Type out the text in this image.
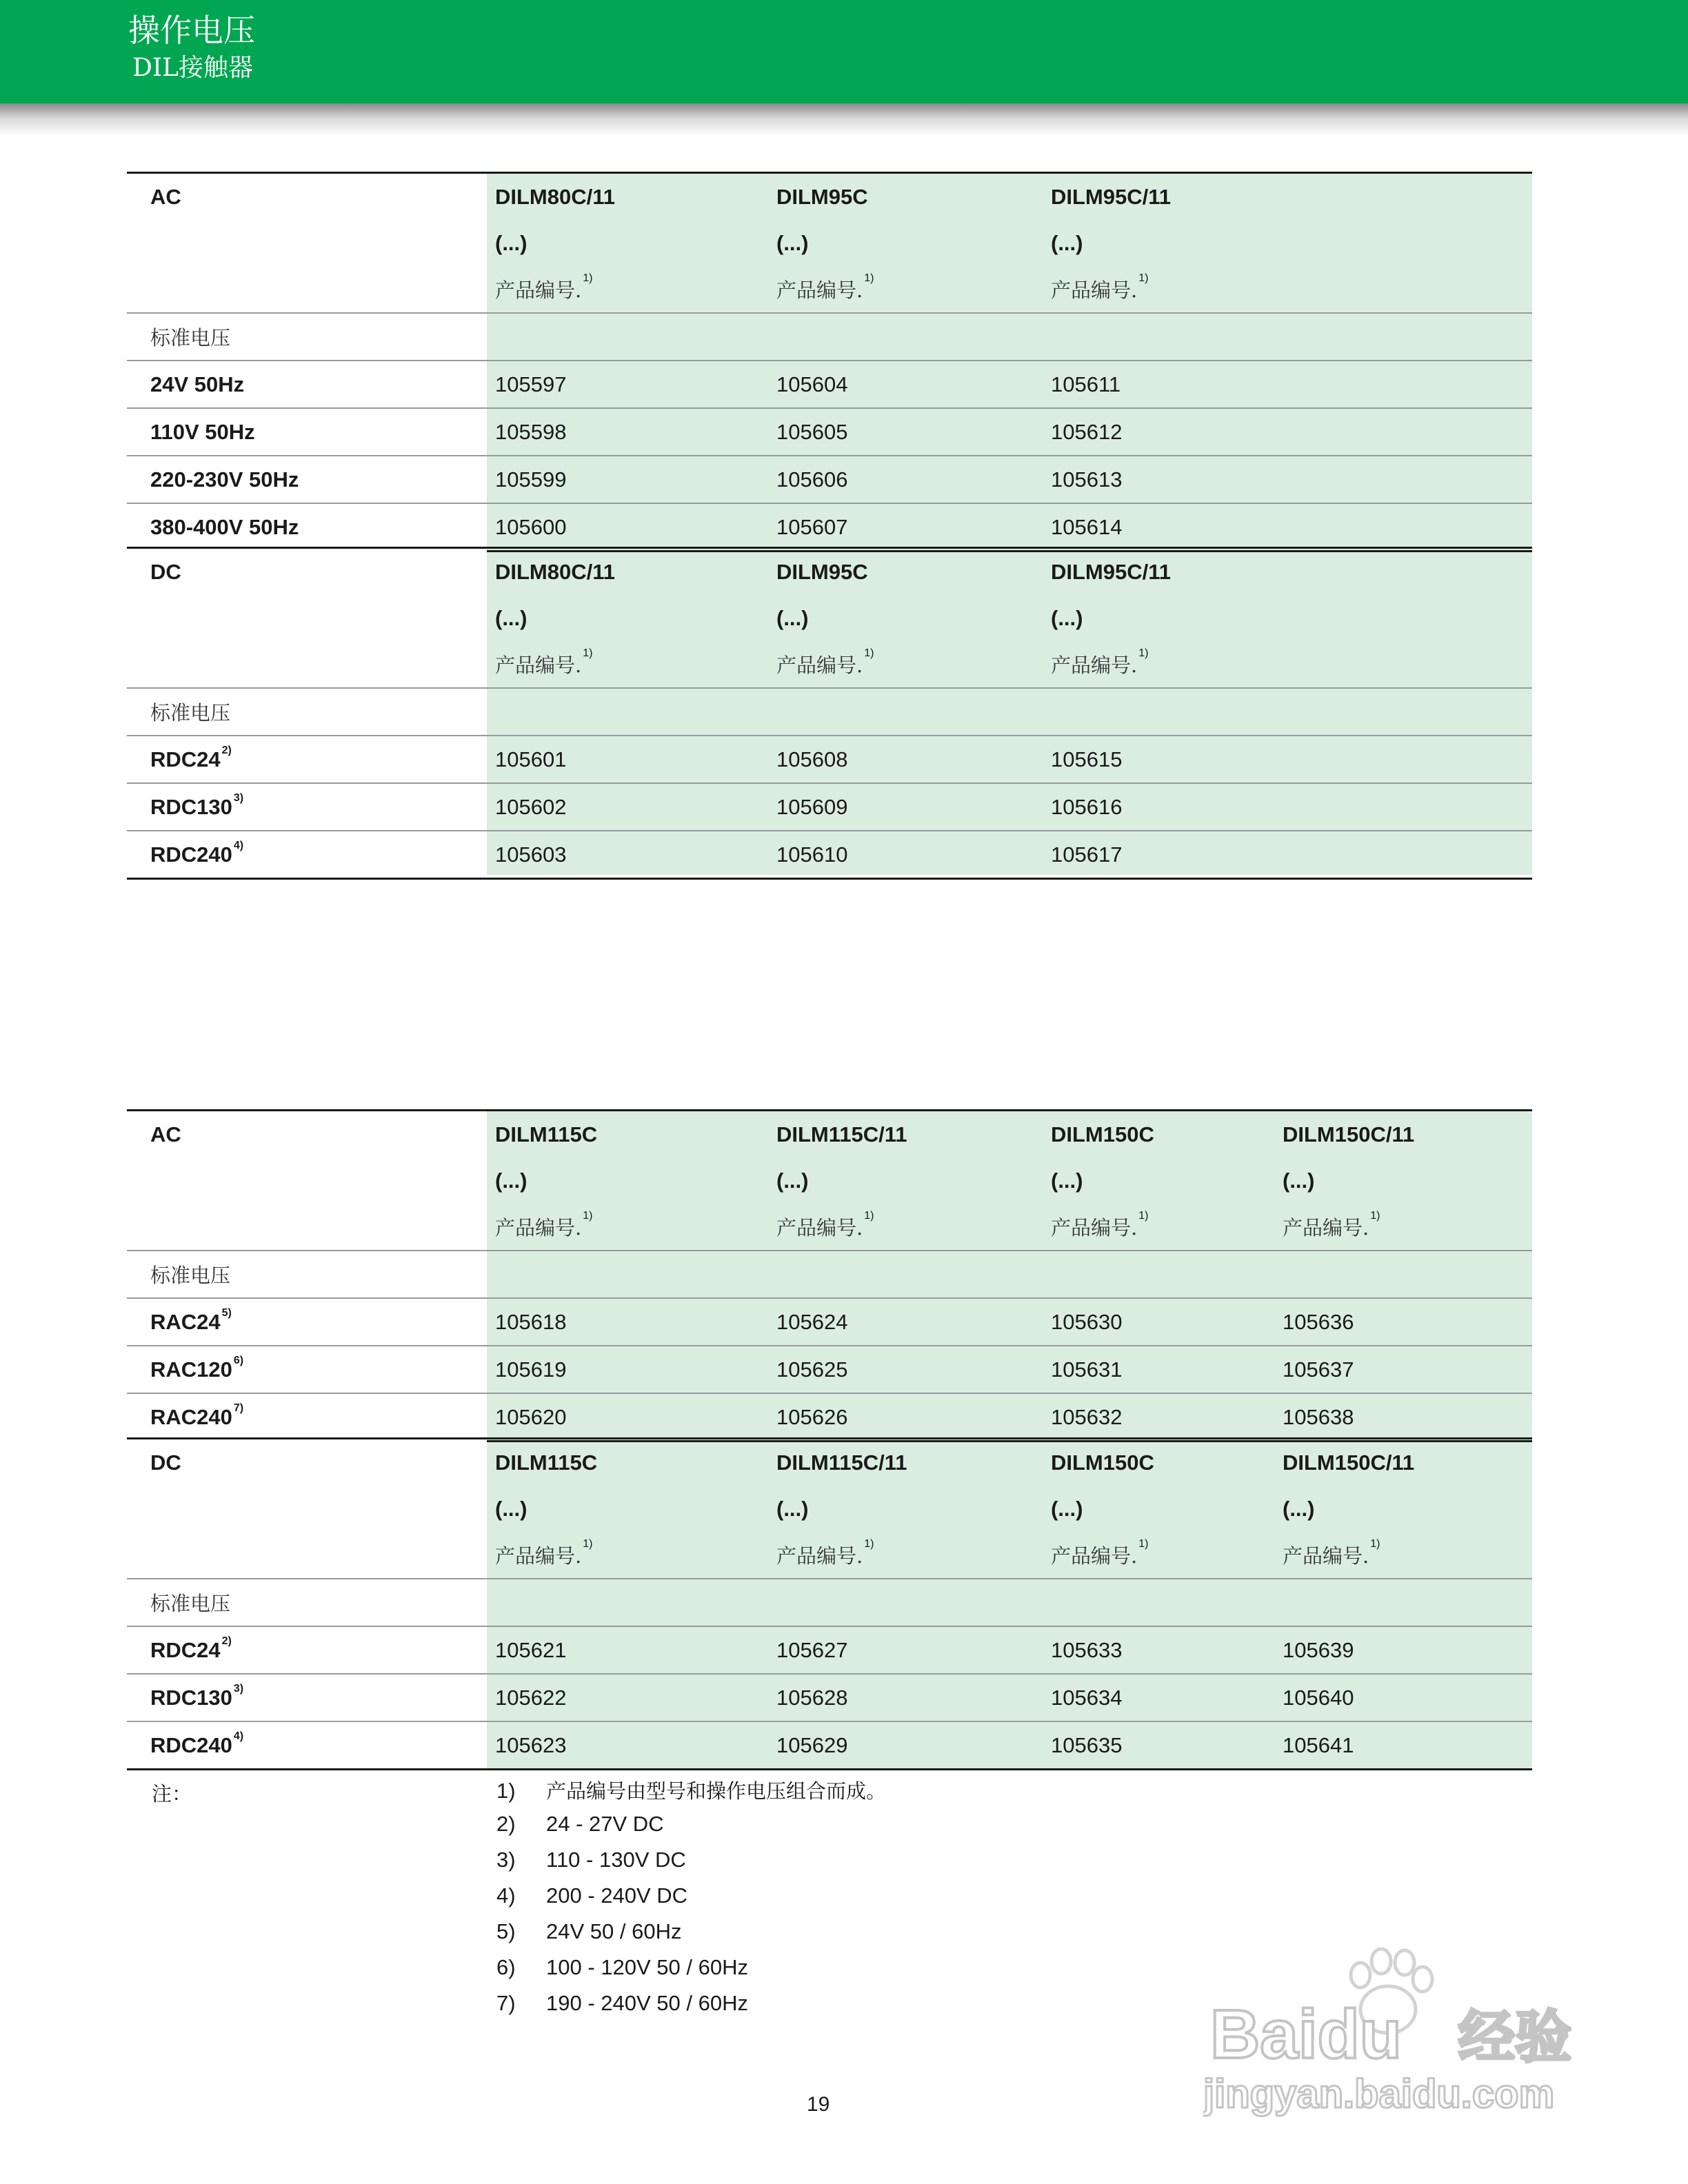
操作电压
DIL接触器
AC	DILM80C/11	DILM95C	DILM95C/11	
	(...)	(...)	(...)	
	产品编号.$^{1)}$	产品编号.$^{1)}$	产品编号.$^{1)}$	
标准电压				
24V 50Hz	105597	105604	105611	
110V 50Hz	105598	105605	105612	
220-230V 50Hz	105599	105606	105613	
380-400V 50Hz	105600	105607	105614	
DC	DILM80C/11	DILM95C	DILM95C/11	
	(...)	(...)	(...)	
	产品编号.$^{1)}$	产品编号.$^{1)}$	产品编号.$^{1)}$	
标准电压				
RDC24 $^{2)}$	105601	105608	105615	
RDC130 $^{3)}$	105602	105609	105616	
RDC240 $^{4)}$	105603	105610	105617	
AC	DILM115C	DILM115C/11	DILM150C	DILM150C/11
	(...)	(...)	(...)	(...)
	产品编号.$^{1)}$	产品编号.$^{1)}$	产品编号.$^{1)}$	产品编号.$^{1)}$
标准电压				
RAC24 $^{5)}$	105618	105624	105630	105636
RAC120 $^{6)}$	105619	105625	105631	105637
RAC240 $^{7)}$	105620	105626	105632	105638
DC	DILM115C	DILM115C/11	DILM150C	DILM150C/11
	(...)	(...)	(...)	(...)
	产品编号.$^{1)}$	产品编号.$^{1)}$	产品编号.$^{1)}$	产品编号.$^{1)}$
标准电压				
RDC24 $^{2)}$	105621	105627	105633	105639
RDC130 $^{3)}$	105622	105628	105634	105640
RDC240 $^{4)}$	105623	105629	105635	105641
注：	1) 产品编号由型号和操作电压组合而成。
2) 24 - 27V DC
3) 110 - 130V DC
4) 200 - 240V DC
5) 24V 50 / 60Hz
6) 100 - 120V 50 / 60Hz
7) 190 - 240V 50 / 60Hz
19
Baidu 经验
jingyan.baidu.com
